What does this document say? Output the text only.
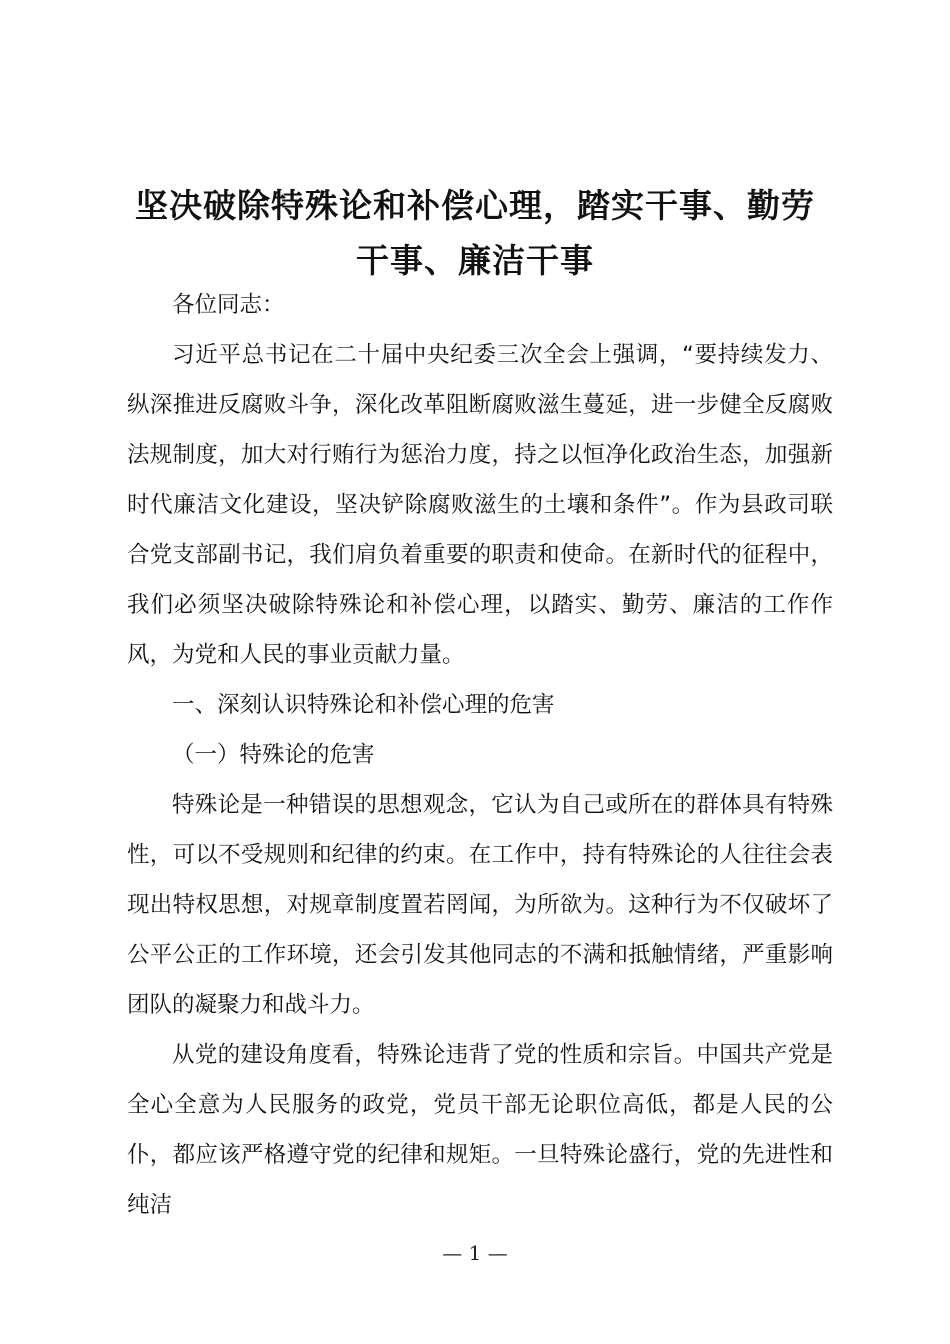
坚决破除特殊论和补偿心理，踏实干事、勤劳
干事、廉洁干事

各位同志：

习近平总书记在二十届中央纪委三次全会上强调，“要持续发力、纵深推进反腐败斗争，深化改革阻断腐败滋生蔓延，进一步健全反腐败法规制度，加大对行贿行为惩治力度，持之以恒净化政治生态，加强新时代廉洁文化建设，坚决铲除腐败滋生的土壤和条件”。作为县政司联合党支部副书记，我们肩负着重要的职责和使命。在新时代的征程中，我们必须坚决破除特殊论和补偿心理，以踏实、勤劳、廉洁的工作作风，为党和人民的事业贡献力量。

一、深刻认识特殊论和补偿心理的危害

（一）特殊论的危害

特殊论是一种错误的思想观念，它认为自己或所在的群体具有特殊性，可以不受规则和纪律的约束。在工作中，持有特殊论的人往往会表现出特权思想，对规章制度置若罔闻，为所欲为。这种行为不仅破坏了公平公正的工作环境，还会引发其他同志的不满和抵触情绪，严重影响团队的凝聚力和战斗力。

从党的建设角度看，特殊论违背了党的性质和宗旨。中国共产党是全心全意为人民服务的政党，党员干部无论职位高低，都是人民的公仆，都应该严格遵守党的纪律和规矩。一旦特殊论盛行，党的先进性和纯洁

— 1 —
